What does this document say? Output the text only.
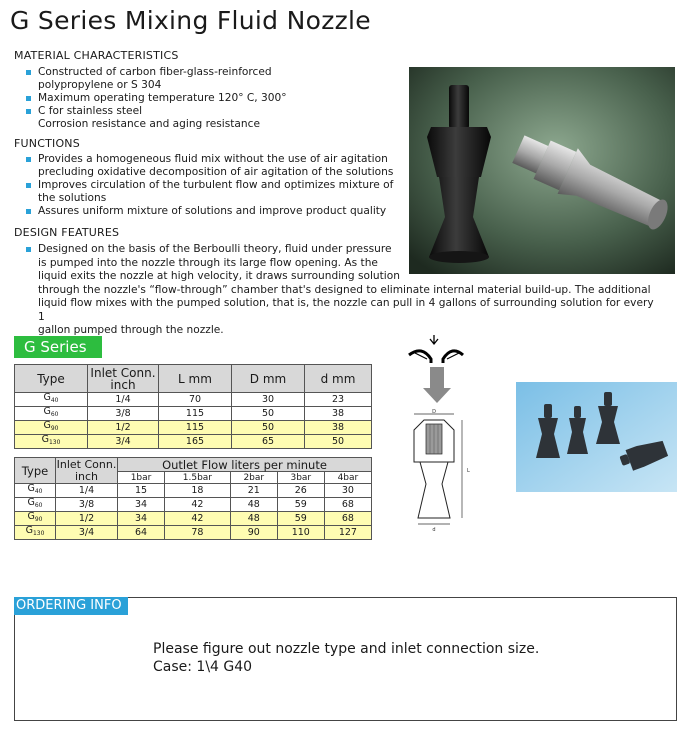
G Series Mixing Fluid Nozzle
MATERIAL CHARACTERISTICS
Constructed of carbon fiber-glass-reinforced
polypropylene or S 304
Maximum operating temperature 120° C, 300°
C for stainless steel
Corrosion resistance and aging resistance
FUNCTIONS
Provides a homogeneous fluid mix without the use of air agitation
precluding oxidative decomposition of air agitation of the solutions
Improves circulation of the turbulent flow and optimizes mixture of
the solutions
Assures uniform mixture of solutions and improve product quality
DESIGN FEATURES
Designed on the basis of the Berboulli theory, fluid under pressure
is pumped into the nozzle through its large flow opening. As the
liquid exits the nozzle at high velocity, it draws surrounding solution
through the nozzle's “flow-through” chamber that's designed to eliminate internal material build-up. The additional
liquid flow mixes with the pumped solution, that is, the nozzle can pull in 4 gallons of surrounding solution for every 1
gallon pumped through the nozzle.
G Series
Type	Inlet Conn. inch	L mm	D mm	d mm
$G_{40}$	1/4	70	30	23
$G_{60}$	3/8	115	50	38
$G_{90}$	1/2	115	50	38
$G_{130}$	3/4	165	65	50
Type	Inlet Conn. inch	Outlet Flow liters per minute				
		1bar	1.5bar	2bar	3bar	4bar
$G_{40}$	1/4	15	18	21	26	30
$G_{60}$	3/8	34	42	48	59	68
$G_{90}$	1/2	34	42	48	59	68
$G_{130}$	3/4	64	78	90	110	127
D
d
L
ORDERING INFO
Please figure out nozzle type and inlet connection size.
Case: 1\4 G40
